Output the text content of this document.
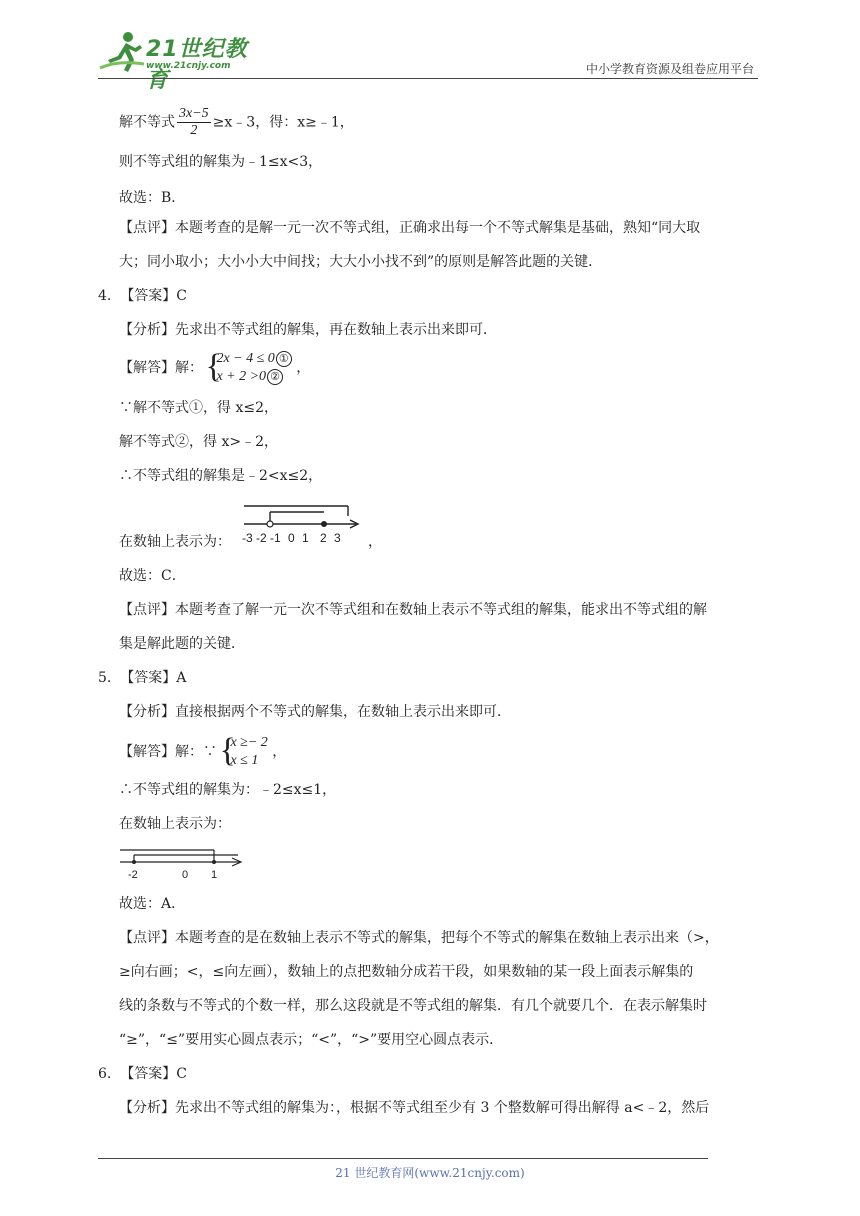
21世纪教育
www.21cnjy.com	中小学教育资源及组卷应用平台
解不等式 $\frac{3x-5}{2}$ ≥x﹣3，得：x≥﹣1，
则不等式组的解集为﹣1≤x<3，
故选：B．
【点评】本题考查的是解一元一次不等式组，正确求出每一个不等式解集是基础，熟知“同大取
大；同小取小；大小小大中间找；大大小小找不到”的原则是解答此题的关键．
4. 【答案】C
【分析】先求出不等式组的解集，再在数轴上表示出来即可．
【解答】解： {
2x − 4 ≤ 0 ①
x + 2 >0 ②
，
∵解不等式①，得 x≤2，
解不等式②，得 x>﹣2，
∴不等式组的解集是﹣2<x≤2，
在数轴上表示为： -3 -2 -1 0 1 2 3 ，
故选：C．
【点评】本题考查了解一元一次不等式组和在数轴上表示不等式组的解集，能求出不等式组的解
集是解此题的关键．
5. 【答案】A
【分析】直接根据两个不等式的解集，在数轴上表示出来即可．
【解答】解：∵ {
x ≥− 2
x ≤ 1
，
∴不等式组的解集为：﹣2≤x≤1，
在数轴上表示为：
-2	0 1
故选：A．
【点评】本题考查的是在数轴上表示不等式的解集，把每个不等式的解集在数轴上表示出来（>，
≥向右画；<，≤向左画），数轴上的点把数轴分成若干段，如果数轴的某一段上面表示解集的
线的条数与不等式的个数一样，那么这段就是不等式组的解集．有几个就要几个．在表示解集时
“≥”，“≤”要用实心圆点表示；“<”，“>”要用空心圆点表示．
6. 【答案】C
【分析】先求出不等式组的解集为：，根据不等式组至少有 3 个整数解可得出解得 a<﹣2，然后
21 世纪教育网(www.21cnjy.com)
